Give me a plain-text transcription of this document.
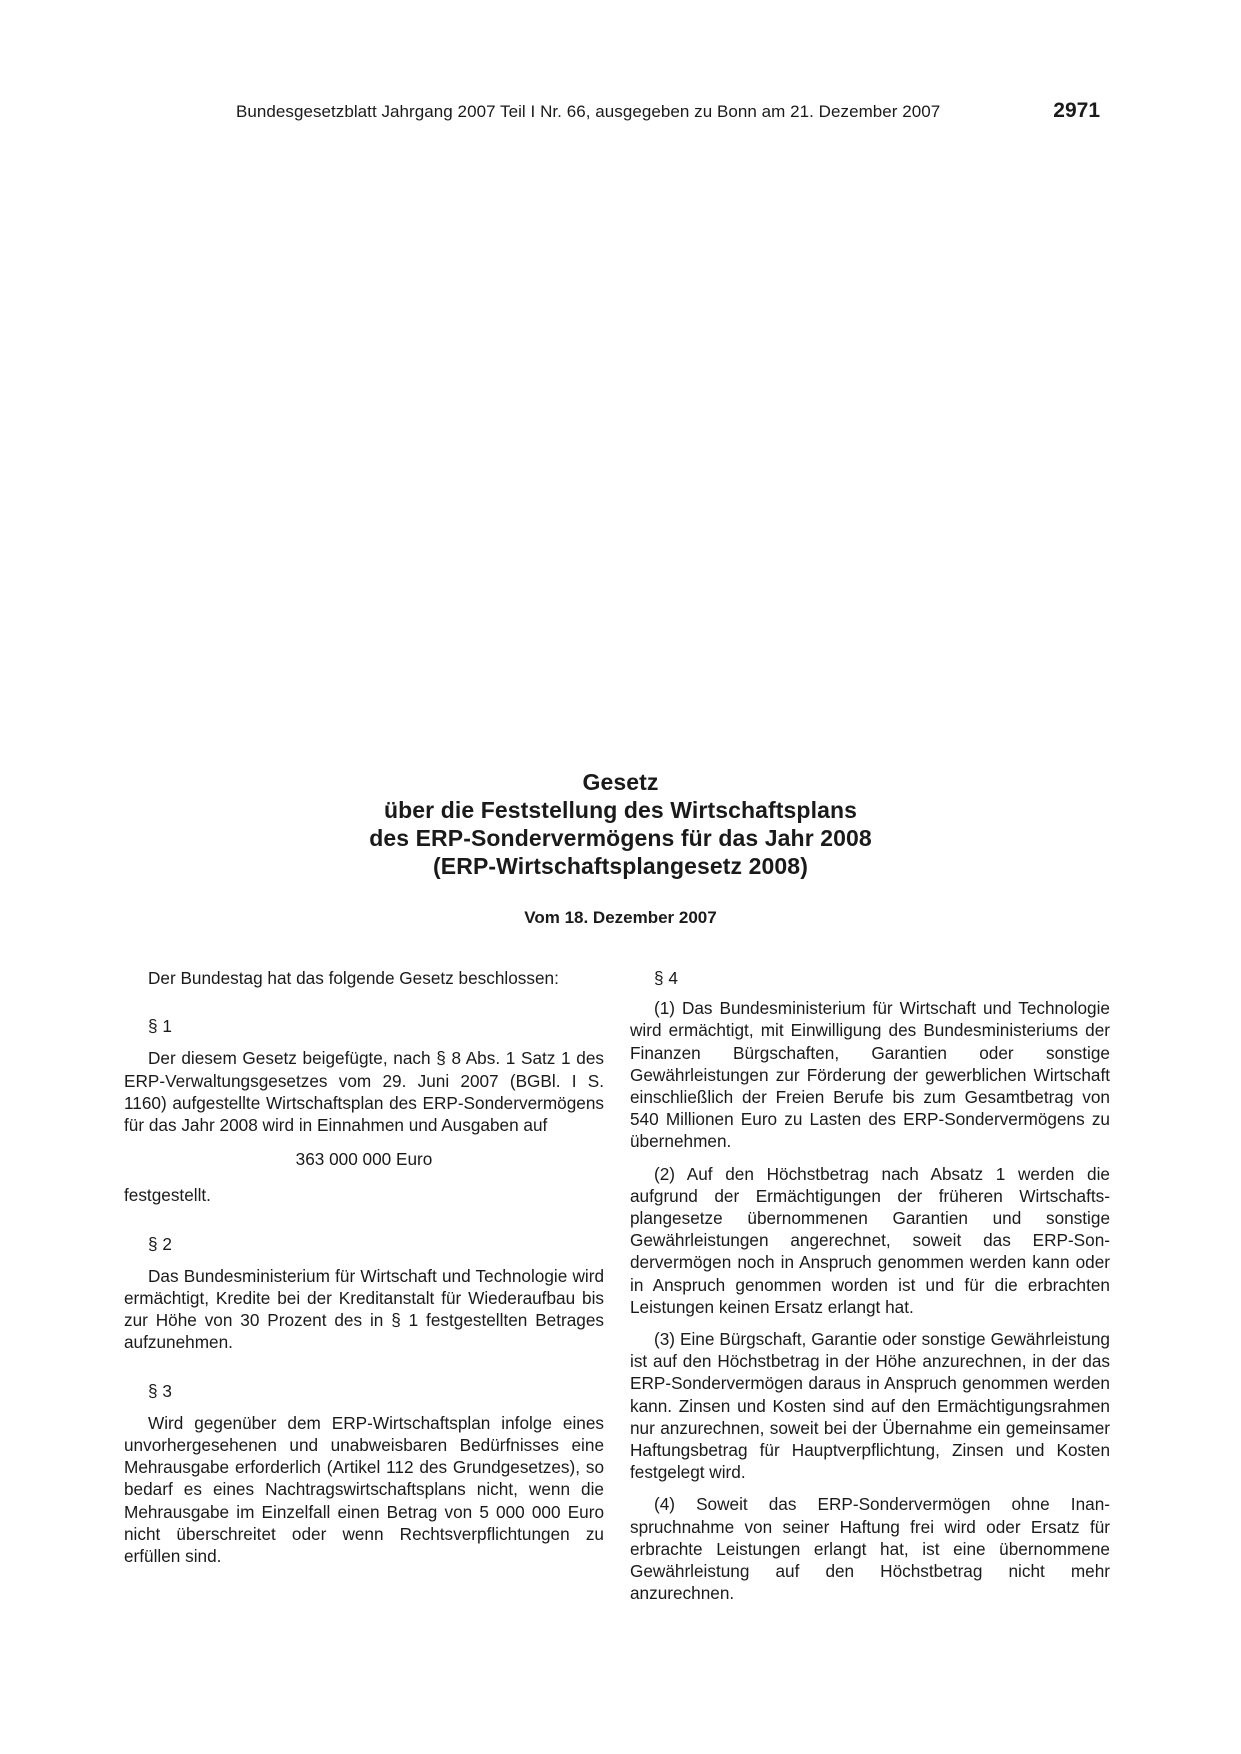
Bundesgesetzblatt Jahrgang 2007 Teil I Nr. 66, ausgegeben zu Bonn am 21. Dezember 2007	2971
Gesetz
über die Feststellung des Wirtschaftsplans
des ERP-Sondervermögens für das Jahr 2008
(ERP-Wirtschaftsplangesetz 2008)
Vom 18. Dezember 2007

Der Bundestag hat das folgende Gesetz beschlossen:

§ 1

Der diesem Gesetz beigefügte, nach § 8 Abs. 1 Satz 1 des ERP-Verwaltungsgesetzes vom 29. Juni 2007 (BGBl. I S. 1160) aufgestellte Wirtschaftsplan des ERP-Sondervermögens für das Jahr 2008 wird in Einnahmen und Ausgaben auf

363 000 000 Euro

festgestellt.

§ 2

Das Bundesministerium für Wirtschaft und Technologie wird ermächtigt, Kredite bei der Kreditanstalt für Wiederaufbau bis zur Höhe von 30 Prozent des in § 1 festgestellten Betrages aufzunehmen.

§ 3

Wird gegenüber dem ERP-Wirtschaftsplan infolge eines unvorhergesehenen und unabweisbaren Bedürfnisses eine Mehrausgabe erforderlich (Artikel 112 des Grundgesetzes), so bedarf es eines Nachtragswirtschaftsplans nicht, wenn die Mehrausgabe im Einzelfall einen Betrag von 5 000 000 Euro nicht überschreitet oder wenn Rechtsverpflichtungen zu erfüllen sind.

§ 4

(1) Das Bundesministerium für Wirtschaft und Technologie wird ermächtigt, mit Einwilligung des Bundesministeriums der Finanzen Bürgschaften, Garantien oder sonstige Gewährleistungen zur Förderung der gewerblichen Wirtschaft einschließlich der Freien Berufe bis zum Gesamtbetrag von 540 Millionen Euro zu Lasten des ERP-Sondervermögens zu übernehmen.

(2) Auf den Höchstbetrag nach Absatz 1 werden die aufgrund der Ermächtigungen der früheren Wirtschaftsplangesetze übernommenen Garantien und sonstige Gewährleistungen angerechnet, soweit das ERP-Sondervermögen noch in Anspruch genommen werden kann oder in Anspruch genommen worden ist und für die erbrachten Leistungen keinen Ersatz erlangt hat.

(3) Eine Bürgschaft, Garantie oder sonstige Gewährleistung ist auf den Höchstbetrag in der Höhe anzurechnen, in der das ERP-Sondervermögen daraus in Anspruch genommen werden kann. Zinsen und Kosten sind auf den Ermächtigungsrahmen nur anzurechnen, soweit bei der Übernahme ein gemeinsamer Haftungsbetrag für Hauptverpflichtung, Zinsen und Kosten festgelegt wird.

(4) Soweit das ERP-Sondervermögen ohne Inanspruchnahme von seiner Haftung frei wird oder Ersatz für erbrachte Leistungen erlangt hat, ist eine übernommene Gewährleistung auf den Höchstbetrag nicht mehr anzurechnen.
